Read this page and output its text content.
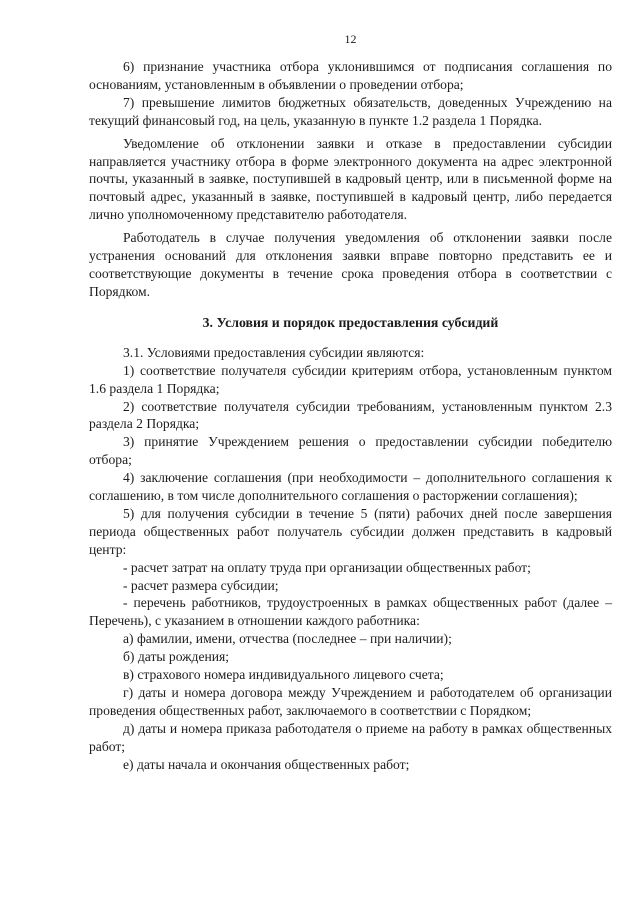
12

6) признание участника отбора уклонившимся от подписания соглашения по основаниям, установленным в объявлении о проведении отбора;

7) превышение лимитов бюджетных обязательств, доведенных Учреждению на текущий финансовый год, на цель, указанную в пункте 1.2 раздела 1 Порядка.

Уведомление об отклонении заявки и отказе в предоставлении субсидии направляется участнику отбора в форме электронного документа на адрес электронной почты, указанный в заявке, поступившей в кадровый центр, или в письменной форме на почтовый адрес, указанный в заявке, поступившей в кадровый центр, либо передается лично уполномоченному представителю работодателя.

Работодатель в случае получения уведомления об отклонении заявки после устранения оснований для отклонения заявки вправе повторно представить ее и соответствующие документы в течение срока проведения отбора в соответствии с Порядком.

3. Условия и порядок предоставления субсидий

3.1. Условиями предоставления субсидии являются:

1) соответствие получателя субсидии критериям отбора, установленным пунктом 1.6 раздела 1 Порядка;

2) соответствие получателя субсидии требованиям, установленным пунктом 2.3 раздела 2 Порядка;

3) принятие Учреждением решения о предоставлении субсидии победителю отбора;

4) заключение соглашения (при необходимости – дополнительного соглашения к соглашению, в том числе дополнительного соглашения о расторжении соглашения);

5) для получения субсидии в течение 5 (пяти) рабочих дней после завершения периода общественных работ получатель субсидии должен представить в кадровый центр:

- расчет затрат на оплату труда при организации общественных работ;

- расчет размера субсидии;

- перечень работников, трудоустроенных в рамках общественных работ (далее – Перечень), с указанием в отношении каждого работника:

а) фамилии, имени, отчества (последнее – при наличии);

б) даты рождения;

в) страхового номера индивидуального лицевого счета;

г) даты и номера договора между Учреждением и работодателем об организации проведения общественных работ, заключаемого в соответствии с Порядком;

д) даты и номера приказа работодателя о приеме на работу в рамках общественных работ;

е) даты начала и окончания общественных работ;
